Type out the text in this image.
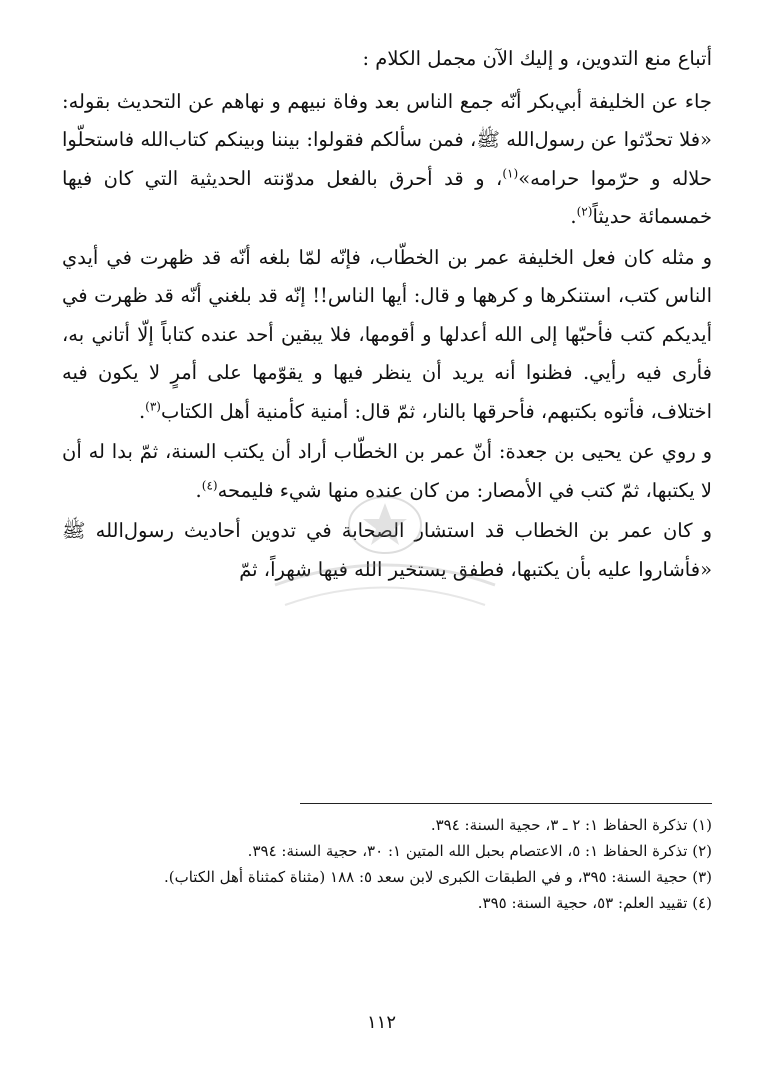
أتباع منع التدوين، و إليك الآن مجمل الكلام :

جاء عن الخليفة أبي‌بكر أنّه جمع الناس بعد وفاة نبيهم و نهاهم عن التحديث بقوله: «فلا تحدّثوا عن رسول‌الله ﷺ، فمن سألكم فقولوا: بيننا وبينكم كتاب‌الله فاستحلّوا حلاله و حرّموا حرامه»$^{(١)}$، و قد أحرق بالفعل مدوّنته الحديثية التي كان فيها خمسمائة حديثاً$^{(٢)}$.

و مثله كان فعل الخليفة عمر بن الخطّاب، فإنّه لمّا بلغه أنّه قد ظهرت في أيدي الناس كتب، استنكرها و كرهها و قال: أيها الناس!! إنّه قد بلغني أنّه قد ظهرت في أيديكم كتب فأحبّها إلى الله أعدلها و أقومها، فلا يبقين أحد عنده كتاباً إلّا أتاني به، فأرى فيه رأيي. فظنوا أنه يريد أن ينظر فيها و يقوّمها على أمرٍ لا يكون فيه اختلاف، فأتوه بكتبهم، فأحرقها بالنار، ثمّ قال: أمنية كأمنية أهل الكتاب$^{(٣)}$.

و روي عن يحيى بن جعدة: أنّ عمر بن الخطّاب أراد أن يكتب السنة، ثمّ بدا له أن لا يكتبها، ثمّ كتب في الأمصار: من كان عنده منها شيء فليمحه$^{(٤)}$.

و كان عمر بن الخطاب قد استشار الصحابة في تدوين أحاديث رسول‌الله ﷺ «فأشاروا عليه بأن يكتبها، فطفق يستخير الله فيها شهراً، ثمّ

(١) تذكرة الحفاظ ١: ٢ ـ ٣، حجية السنة: ٣٩٤.

(٢) تذكرة الحفاظ ١: ٥، الاعتصام بحبل الله المتين ١: ٣٠، حجية السنة: ٣٩٤.

(٣) حجية السنة: ٣٩٥، و في الطبقات الكبرى لابن سعد ٥: ١٨٨ (مثناة كمثناة أهل الكتاب).

(٤) تقييد العلم: ٥٣، حجية السنة: ٣٩٥.

١١٢
